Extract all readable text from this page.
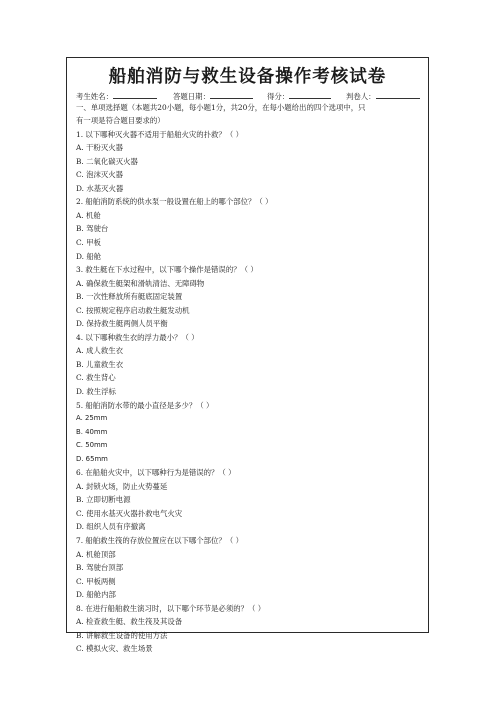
船舶消防与救生设备操作考核试卷
考生姓名：	答题日期：	得分：	判卷人：
一、单项选择题（本题共20小题，每小题1分，共20分，在每小题给出的四个选项中，只
有一项是符合题目要求的）
1. 以下哪种灭火器不适用于船舶火灾的扑救？（ ）
A. 干粉灭火器
B. 二氧化碳灭火器
C. 泡沫灭火器
D. 水基灭火器
2. 船舶消防系统的供水泵一般设置在船上的哪个部位？（ ）
A. 机舱
B. 驾驶台
C. 甲板
D. 船舱
3. 救生艇在下水过程中，以下哪个操作是错误的？（ ）
A. 确保救生艇架和滑轨清洁、无障碍物
B. 一次性释放所有艇底固定装置
C. 按照规定程序启动救生艇发动机
D. 保持救生艇两侧人员平衡
4. 以下哪种救生衣的浮力最小？（ ）
A. 成人救生衣
B. 儿童救生衣
C. 救生背心
D. 救生浮标
5. 船舶消防水带的最小直径是多少？（ ）
A. 25mm
B. 40mm
C. 50mm
D. 65mm
6. 在船舶火灾中，以下哪种行为是错误的？（ ）
A. 封锁火场，防止火势蔓延
B. 立即切断电源
C. 使用水基灭火器扑救电气火灾
D. 组织人员有序撤离
7. 船舶救生筏的存放位置应在以下哪个部位？（ ）
A. 机舱顶部
B. 驾驶台顶部
C. 甲板两侧
D. 船舱内部
8. 在进行船舶救生演习时，以下哪个环节是必须的？（ ）
A. 检查救生艇、救生筏及其设备
B. 讲解救生设备的使用方法
C. 模拟火灾、救生场景
